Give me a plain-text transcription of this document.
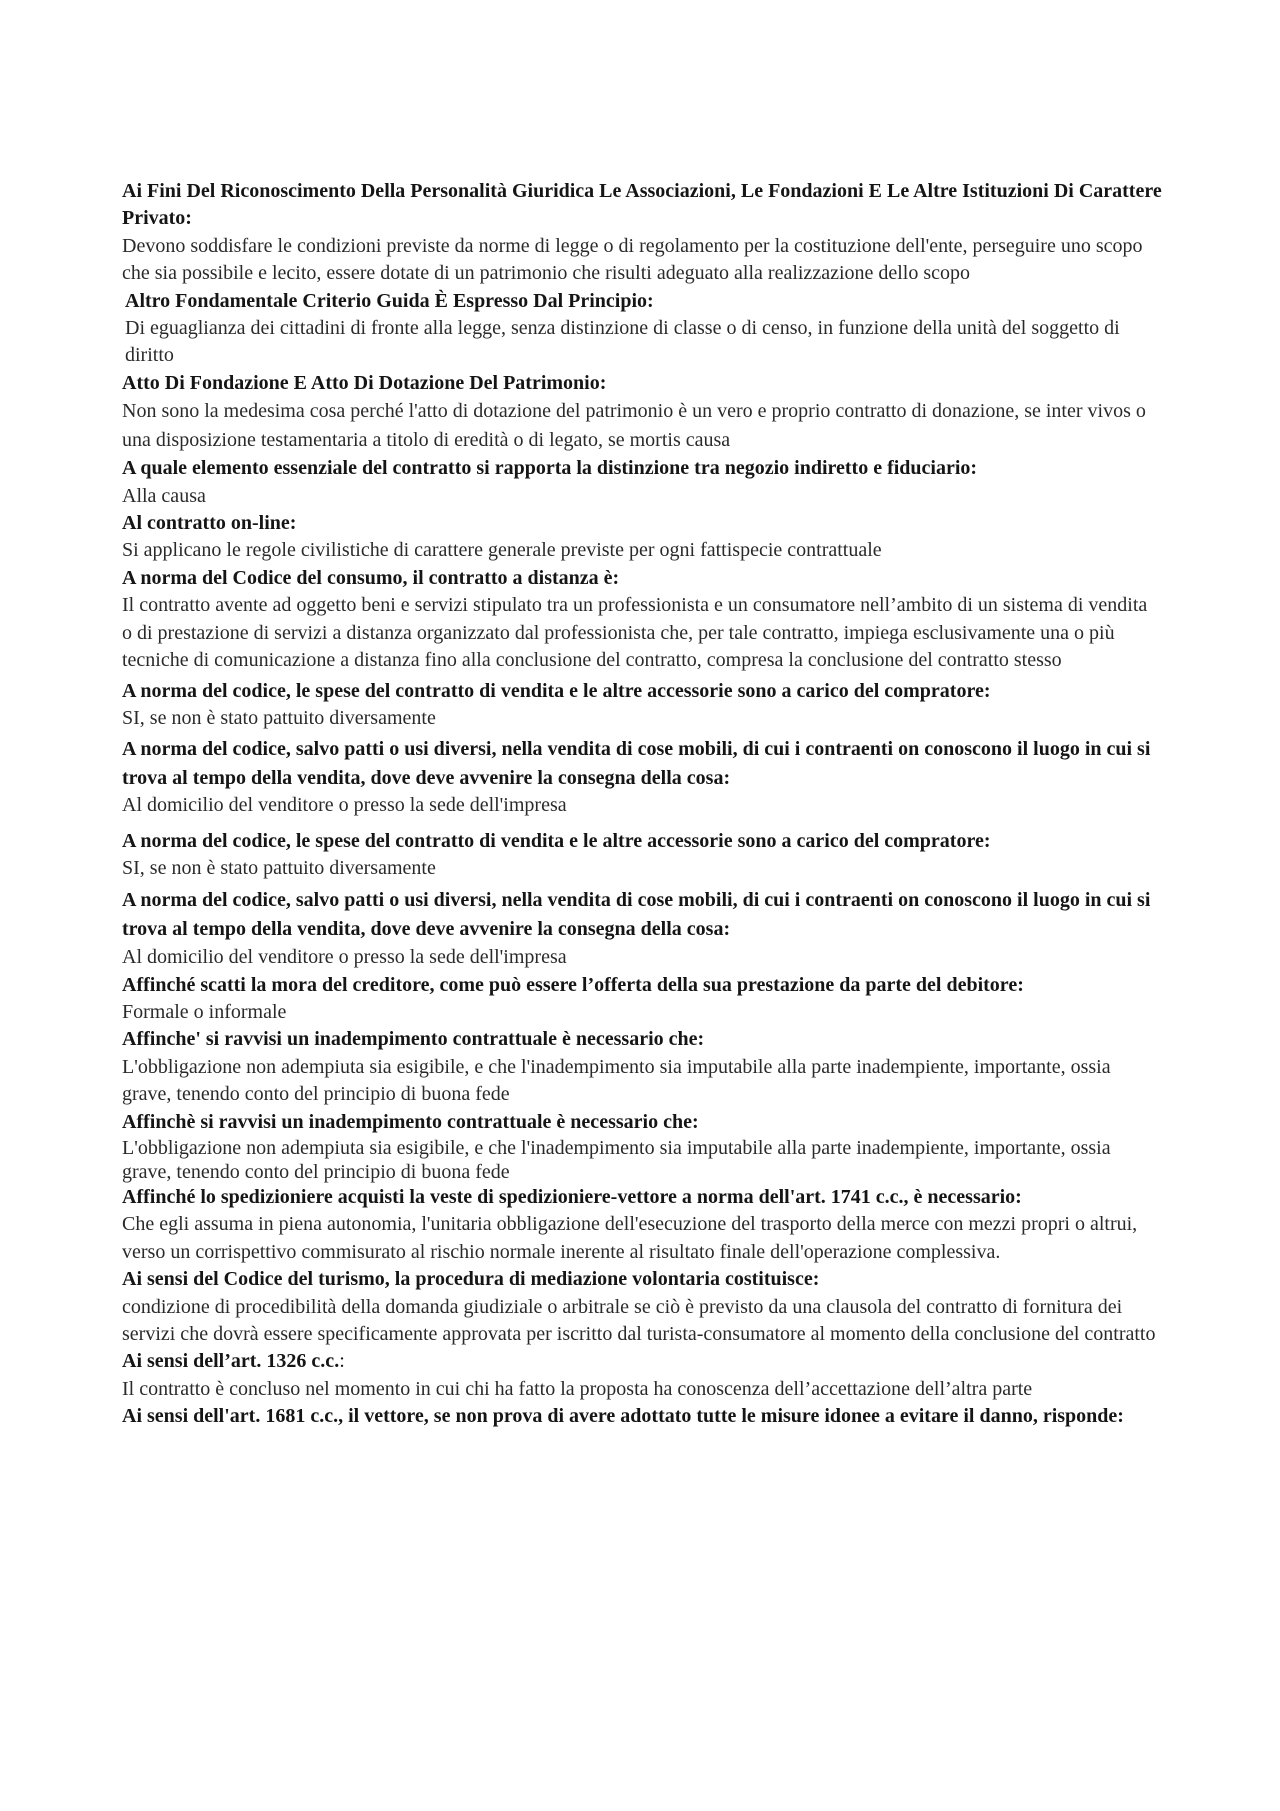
Ai Fini Del Riconoscimento Della Personalità Giuridica Le Associazioni, Le Fondazioni E Le Altre Istituzioni Di Carattere Privato:

Devono soddisfare le condizioni previste da norme di legge o di regolamento per la costituzione dell'ente, perseguire uno scopo che sia possibile e lecito, essere dotate di un patrimonio che risulti adeguato alla realizzazione dello scopo

Altro Fondamentale Criterio Guida È Espresso Dal Principio:

Di eguaglianza dei cittadini di fronte alla legge, senza distinzione di classe o di censo, in funzione della unità del soggetto di diritto

Atto Di Fondazione E Atto Di Dotazione Del Patrimonio:

Non sono la medesima cosa perché l'atto di dotazione del patrimonio è un vero e proprio contratto di donazione, se inter vivos o una disposizione testamentaria a titolo di eredità o di legato, se mortis causa

A quale elemento essenziale del contratto si rapporta la distinzione tra negozio indiretto e fiduciario:

Alla causa

Al contratto on-line:

Si applicano le regole civilistiche di carattere generale previste per ogni fattispecie contrattuale

A norma del Codice del consumo, il contratto a distanza è:

Il contratto avente ad oggetto beni e servizi stipulato tra un professionista e un consumatore nell’ambito di un sistema di vendita o di prestazione di servizi a distanza organizzato dal professionista che, per tale contratto, impiega esclusivamente una o più tecniche di comunicazione a distanza fino alla conclusione del contratto, compresa la conclusione del contratto stesso

A norma del codice, le spese del contratto di vendita e le altre accessorie sono a carico del compratore:

SI, se non è stato pattuito diversamente

A norma del codice, salvo patti o usi diversi, nella vendita di cose mobili, di cui i contraenti on conoscono il luogo in cui si trova al tempo della vendita, dove deve avvenire la consegna della cosa:

Al domicilio del venditore o presso la sede dell'impresa

A norma del codice, le spese del contratto di vendita e le altre accessorie sono a carico del compratore:

SI, se non è stato pattuito diversamente

A norma del codice, salvo patti o usi diversi, nella vendita di cose mobili, di cui i contraenti on conoscono il luogo in cui si trova al tempo della vendita, dove deve avvenire la consegna della cosa:

Al domicilio del venditore o presso la sede dell'impresa

Affinché scatti la mora del creditore, come può essere l’offerta della sua prestazione da parte del debitore:

Formale o informale

Affinche' si ravvisi un inadempimento contrattuale è necessario che:

L'obbligazione non adempiuta sia esigibile, e che l'inadempimento sia imputabile alla parte inadempiente, importante, ossia grave, tenendo conto del principio di buona fede

Affinchè si ravvisi un inadempimento contrattuale è necessario che:

L'obbligazione non adempiuta sia esigibile, e che l'inadempimento sia imputabile alla parte inadempiente, importante, ossia grave, tenendo conto del principio di buona fede

Affinché lo spedizioniere acquisti la veste di spedizioniere-vettore a norma dell'art. 1741 c.c., è necessario:

Che egli assuma in piena autonomia, l'unitaria obbligazione dell'esecuzione del trasporto della merce con mezzi propri o altrui, verso un corrispettivo commisurato al rischio normale inerente al risultato finale dell'operazione complessiva.

Ai sensi del Codice del turismo, la procedura di mediazione volontaria costituisce:

condizione di procedibilità della domanda giudiziale o arbitrale se ciò è previsto da una clausola del contratto di fornitura dei servizi che dovrà essere specificamente approvata per iscritto dal turista-consumatore al momento della conclusione del contratto

Ai sensi dell’art. 1326 c.c.:

Il contratto è concluso nel momento in cui chi ha fatto la proposta ha conoscenza dell’accettazione dell’altra parte

Ai sensi dell'art. 1681 c.c., il vettore, se non prova di avere adottato tutte le misure idonee a evitare il danno, risponde:
